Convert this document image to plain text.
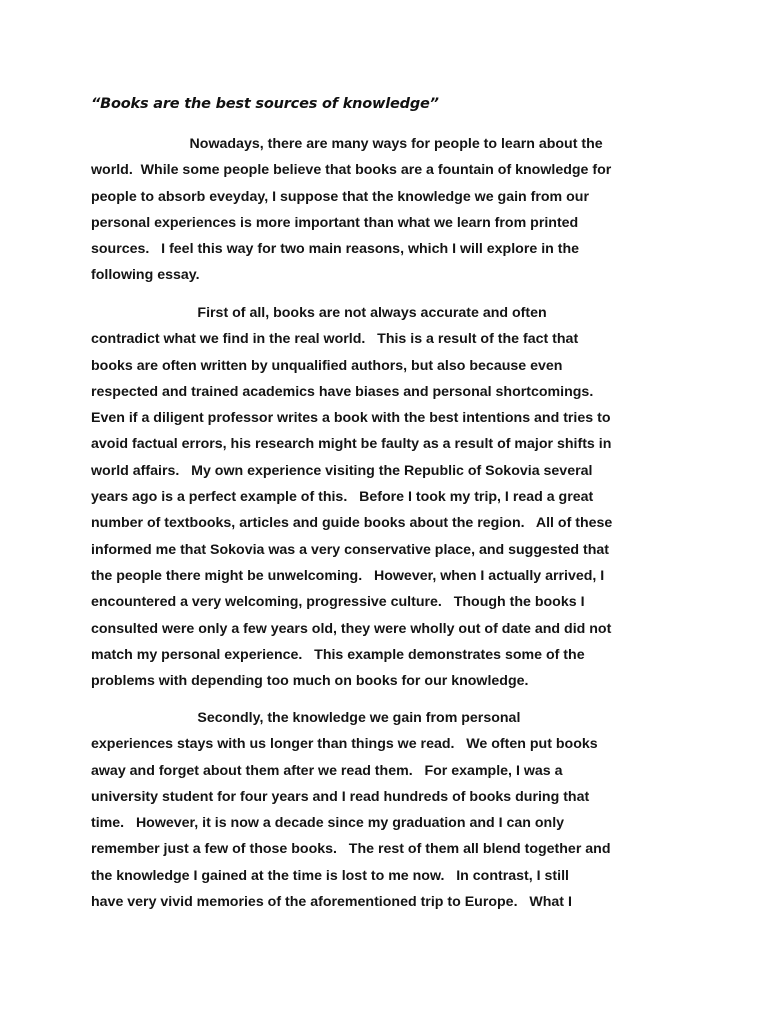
“Books are the best sources of knowledge”
Nowadays, there are many ways for people to learn about the
world.  While some people believe that books are a fountain of knowledge for
people to absorb eveyday, I suppose that the knowledge we gain from our
personal experiences is more important than what we learn from printed
sources.   I feel this way for two main reasons, which I will explore in the
following essay.
First of all, books are not always accurate and often
contradict what we find in the real world.   This is a result of the fact that
books are often written by unqualified authors, but also because even
respected and trained academics have biases and personal shortcomings.
Even if a diligent professor writes a book with the best intentions and tries to
avoid factual errors, his research might be faulty as a result of major shifts in
world affairs.   My own experience visiting the Republic of Sokovia several
years ago is a perfect example of this.   Before I took my trip, I read a great
number of textbooks, articles and guide books about the region.   All of these
informed me that Sokovia was a very conservative place, and suggested that
the people there might be unwelcoming.   However, when I actually arrived, I
encountered a very welcoming, progressive culture.   Though the books I
consulted were only a few years old, they were wholly out of date and did not
match my personal experience.   This example demonstrates some of the
problems with depending too much on books for our knowledge.
Secondly, the knowledge we gain from personal
experiences stays with us longer than things we read.   We often put books
away and forget about them after we read them.   For example, I was a
university student for four years and I read hundreds of books during that
time.   However, it is now a decade since my graduation and I can only
remember just a few of those books.   The rest of them all blend together and
the knowledge I gained at the time is lost to me now.   In contrast, I still
have very vivid memories of the aforementioned trip to Europe.   What I
